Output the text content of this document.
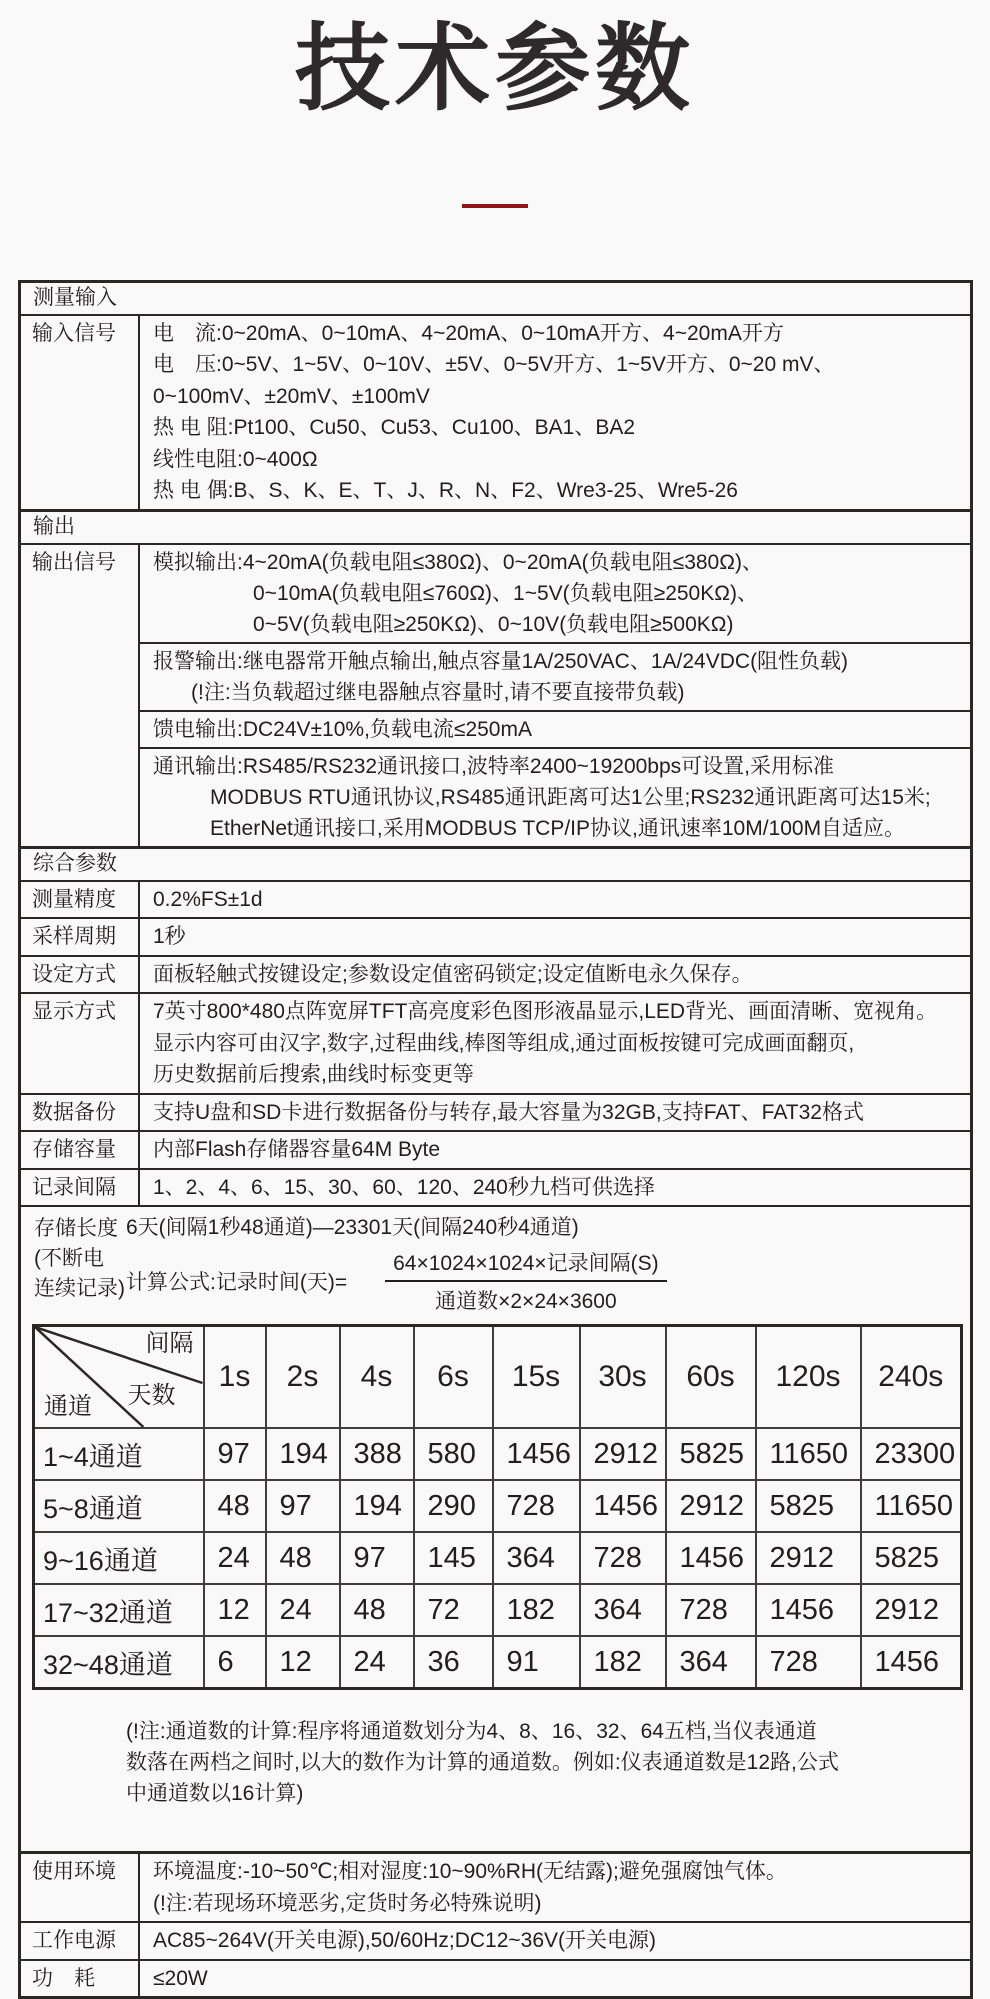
技术参数
测量输入
输入信号	电　流:0~20mA、0~10mA、4~20mA、0~10mA开方、4~20mA开方
电　压:0~5V、1~5V、0~10V、±5V、0~5V开方、1~5V开方、0~20 mV、
0~100mV、±20mV、±100mV
热 电 阻:Pt100、Cu50、Cu53、Cu100、BA1、BA2
线性电阻:0~400Ω
热 电 偶:B、S、K、E、T、J、R、N、F2、Wre3-25、Wre5-26
输出
输出信号	模拟输出:4~20mA(负载电阻≤380Ω)、0~20mA(负载电阻≤380Ω)、
0~10mA(负载电阻≤760Ω)、1~5V(负载电阻≥250KΩ)、
0~5V(负载电阻≥250KΩ)、0~10V(负载电阻≥500KΩ)
报警输出:继电器常开触点输出,触点容量1A/250VAC、1A/24VDC(阻性负载)
(!注:当负载超过继电器触点容量时,请不要直接带负载)
馈电输出:DC24V±10%,负载电流≤250mA
通讯输出:RS485/RS232通讯接口,波特率2400~19200bps可设置,采用标准
MODBUS RTU通讯协议,RS485通讯距离可达1公里;RS232通讯距离可达15米;
EtherNet通讯接口,采用MODBUS TCP/IP协议,通讯速率10M/100M自适应。
综合参数
测量精度	0.2%FS±1d
采样周期	1秒
设定方式	面板轻触式按键设定;参数设定值密码锁定;设定值断电永久保存。
显示方式	7英寸800*480点阵宽屏TFT高亮度彩色图形液晶显示,LED背光、画面清晰、宽视角。
显示内容可由汉字,数字,过程曲线,棒图等组成,通过面板按键可完成画面翻页,
历史数据前后搜索,曲线时标变更等
数据备份	支持U盘和SD卡进行数据备份与转存,最大容量为32GB,支持FAT、FAT32格式
存储容量	内部Flash存储器容量64M Byte
记录间隔	1、2、4、6、15、30、60、120、240秒九档可供选择
存储长度
(不断电
连续记录)
6天(间隔1秒48通道)—23301天(间隔240秒4通道)
计算公式:记录时间(天)= $\frac{\text{64×1024×1024×记录间隔(S)}}{\text{通道数×2×24×3600}}$
间隔
天数
通道	1s	2s	4s	6s	15s	30s	60s	120s	240s
1~4通道	97	194	388	580	1456	2912	5825	11650	23300
5~8通道	48	97	194	290	728	1456	2912	5825	11650
9~16通道	24	48	97	145	364	728	1456	2912	5825
17~32通道	12	24	48	72	182	364	728	1456	2912
32~48通道	6	12	24	36	91	182	364	728	1456
(!注:通道数的计算:程序将通道数划分为4、8、16、32、64五档,当仪表通道
数落在两档之间时,以大的数作为计算的通道数。例如:仪表通道数是12路,公式
中通道数以16计算)
使用环境	环境温度:-10~50℃;相对湿度:10~90%RH(无结露);避免强腐蚀气体。
(!注:若现场环境恶劣,定货时务必特殊说明)
工作电源	AC85~264V(开关电源),50/60Hz;DC12~36V(开关电源)
功　耗	≤20W
